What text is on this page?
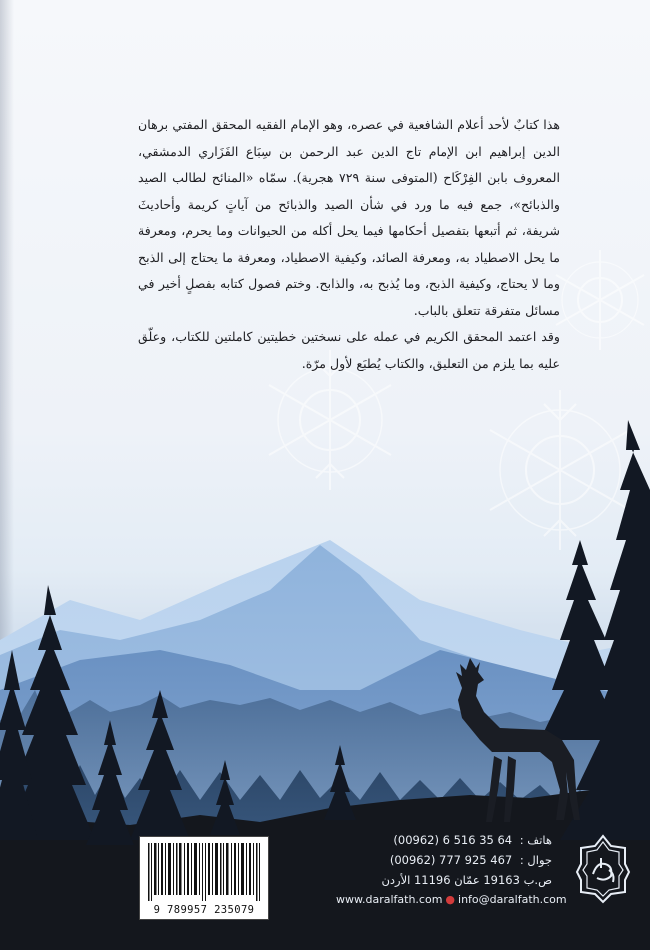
هذا كتابٌ لأحد أعلام الشافعية في عصره، وهو الإمام الفقيه المحقق المفتي برهان الدين إبراهيم ابن الإمام تاج الدين عبد الرحمن بن سِبَاع الفَزَاري الدمشقي، المعروف بابن الفِرْكَاح (المتوفى سنة ٧٢٩ هجرية). سمّاه «المنائح لطالب الصيد والذبائح»، جمع فيه ما ورد في شأن الصيد والذبائح من آياتٍ كريمة وأحاديثَ شريفة، ثم أتبعها بتفصيل أحكامها فيما يحل أكله من الحيوانات وما يحرم، ومعرفة ما يحل الاصطياد به، ومعرفة الصائد، وكيفية الاصطياد، ومعرفة ما يحتاج إلى الذبح وما لا يحتاج، وكيفية الذبح، وما يُذبح به، والذابح. وختم فصول كتابه بفصلٍ أخير في مسائل متفرقة تتعلق بالباب.

وقد اعتمد المحقق الكريم في عمله على نسختين خطيتين كاملتين للكتاب، وعلّق عليه بما يلزم من التعليق، والكتاب يُطبَع لأول مرّة.

9 789957 235079
هاتف : (00962) 6 516 35 64
جوال : (00962) 777 925 467
ص.ب 19163 عمّان 11196 الأردن
www.daralfath.com ● info@daralfath.com
